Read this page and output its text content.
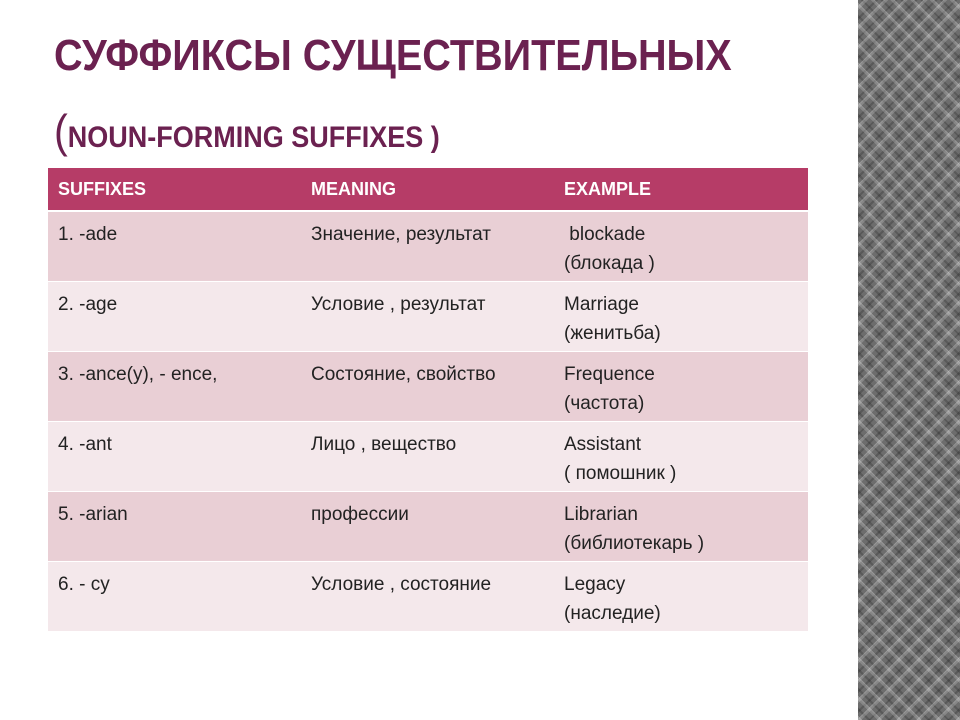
СУФФИКСЫ СУЩЕСТВИТЕЛЬНЫХ
(NOUN-FORMING SUFFIXES )
SUFFIXES	MEANING	EXAMPLE
1. -ade	Значение, результат	blockade
(блокада )

2. -age	Условие , результат	Marriage
(женитьба)

3. -ance(y), - ence,	Состояние, свойство	Frequence
(частота)

4. -ant	Лицо , вещество	Assistant
( помошник )

5. -arian	профессии	Librarian
(библиотекарь )

6. - cy	Условие , состояние	Legacy
(наследие)
